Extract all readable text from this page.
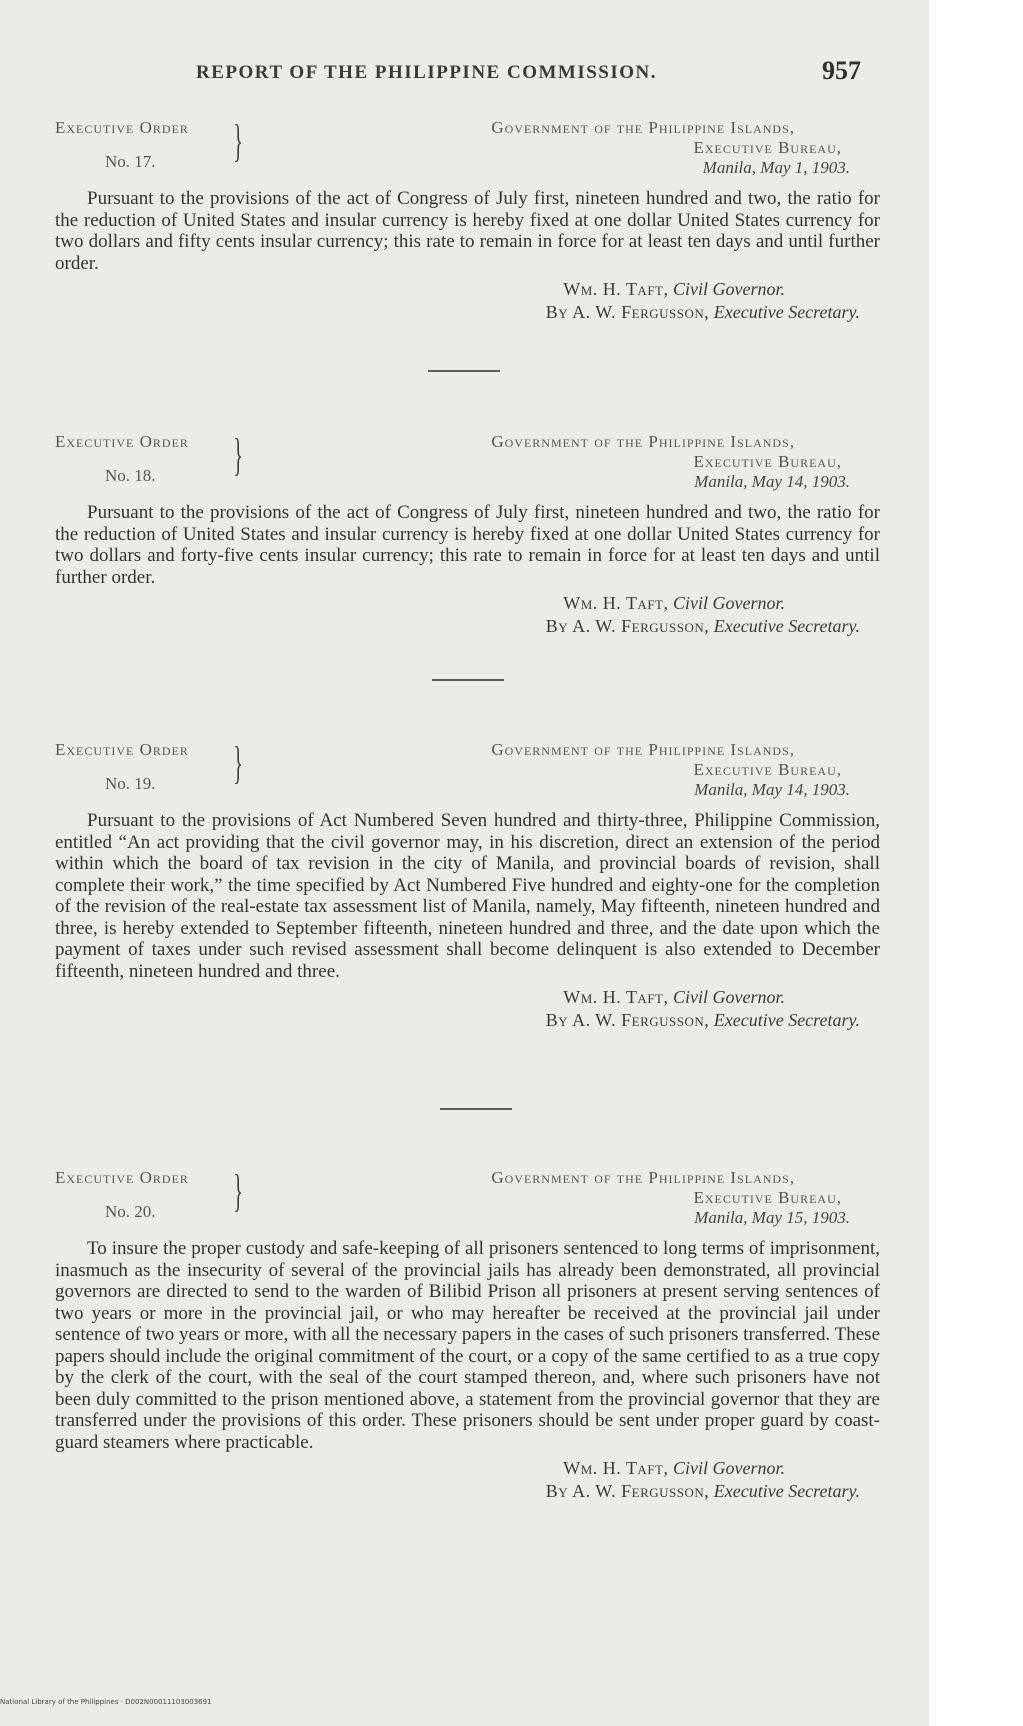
REPORT OF THE PHILIPPINE COMMISSION.	957
Executive Order
No. 17. }	Government of the Philippine Islands,
Executive Bureau,
Manila, May 1, 1903.

Pursuant to the provisions of the act of Congress of July first, nineteen hundred and two, the ratio for the reduction of United States and insular currency is hereby fixed at one dollar United States currency for two dollars and fifty cents insular currency; this rate to remain in force for at least ten days and until further order.

Wm. H. Taft, Civil Governor.
By A. W. Fergusson, Executive Secretary.
Executive Order
No. 18. }	Government of the Philippine Islands,
Executive Bureau,
Manila, May 14, 1903.

Pursuant to the provisions of the act of Congress of July first, nineteen hundred and two, the ratio for the reduction of United States and insular currency is hereby fixed at one dollar United States currency for two dollars and forty-five cents insular currency; this rate to remain in force for at least ten days and until further order.

Wm. H. Taft, Civil Governor.
By A. W. Fergusson, Executive Secretary.
Executive Order
No. 19. }	Government of the Philippine Islands,
Executive Bureau,
Manila, May 14, 1903.

Pursuant to the provisions of Act Numbered Seven hundred and thirty-three, Philippine Commission, entitled “An act providing that the civil governor may, in his discretion, direct an extension of the period within which the board of tax revision in the city of Manila, and provincial boards of revision, shall complete their work,” the time specified by Act Numbered Five hundred and eighty-one for the completion of the revision of the real-estate tax assessment list of Manila, namely, May fifteenth, nineteen hundred and three, is hereby extended to September fifteenth, nineteen hundred and three, and the date upon which the payment of taxes under such revised assessment shall become delinquent is also extended to December fifteenth, nineteen hundred and three.

Wm. H. Taft, Civil Governor.
By A. W. Fergusson, Executive Secretary.
Executive Order
No. 20. }	Government of the Philippine Islands,
Executive Bureau,
Manila, May 15, 1903.

To insure the proper custody and safe-keeping of all prisoners sentenced to long terms of imprisonment, inasmuch as the insecurity of several of the provincial jails has already been demonstrated, all provincial governors are directed to send to the warden of Bilibid Prison all prisoners at present serving sentences of two years or more in the provincial jail, or who may hereafter be received at the provincial jail under sentence of two years or more, with all the necessary papers in the cases of such prisoners transferred. These papers should include the original commitment of the court, or a copy of the same certified to as a true copy by the clerk of the court, with the seal of the court stamped thereon, and, where such prisoners have not been duly committed to the prison mentioned above, a statement from the provincial governor that they are transferred under the provisions of this order. These prisoners should be sent under proper guard by coast-guard steamers where practicable.

Wm. H. Taft, Civil Governor.
By A. W. Fergusson, Executive Secretary.
National Library of the Philippines · D002N00011103003691
